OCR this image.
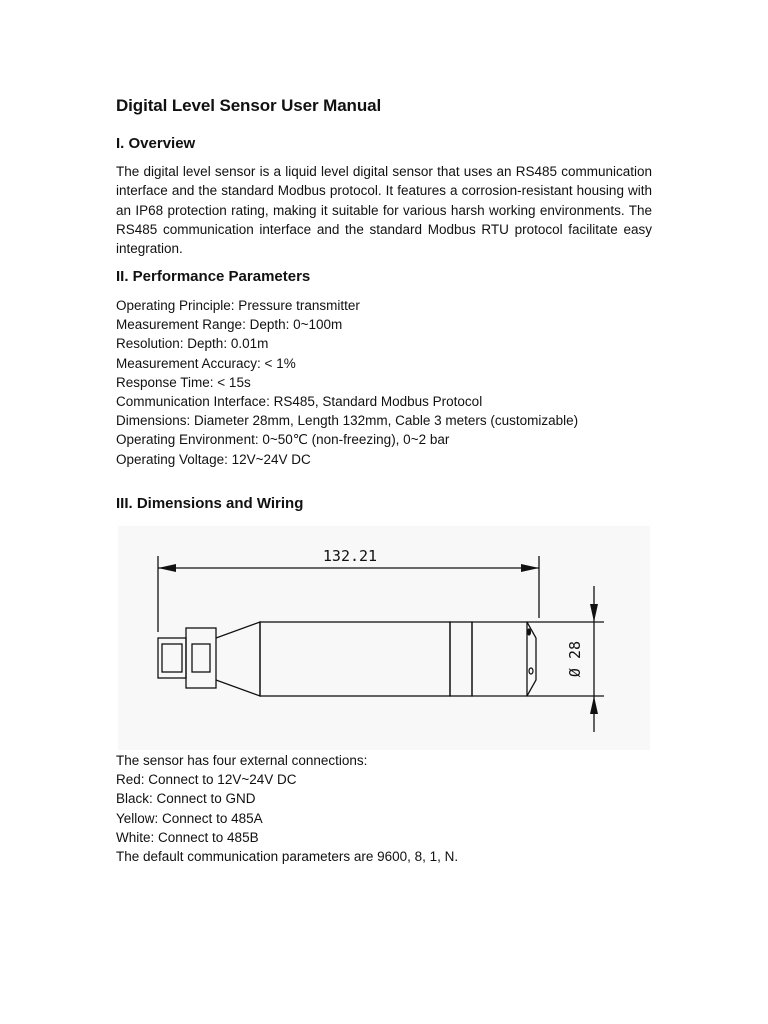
Digital Level Sensor User Manual
I. Overview

The digital level sensor is a liquid level digital sensor that uses an RS485 communication interface and the standard Modbus protocol. It features a corrosion-resistant housing with an IP68 protection rating, making it suitable for various harsh working environments. The RS485 communication interface and the standard Modbus RTU protocol facilitate easy integration.

II. Performance Parameters
Operating Principle: Pressure transmitter
Measurement Range: Depth: 0~100m
Resolution: Depth: 0.01m
Measurement Accuracy: < 1%
Response Time: < 15s
Communication Interface: RS485, Standard Modbus Protocol
Dimensions: Diameter 28mm, Length 132mm, Cable 3 meters (customizable)
Operating Environment: 0~50℃ (non-freezing), 0~2 bar
Operating Voltage: 12V~24V DC
III. Dimensions and Wiring
132.21
Ø 28
The sensor has four external connections:
Red: Connect to 12V~24V DC
Black: Connect to GND
Yellow: Connect to 485A
White: Connect to 485B
The default communication parameters are 9600, 8, 1, N.
